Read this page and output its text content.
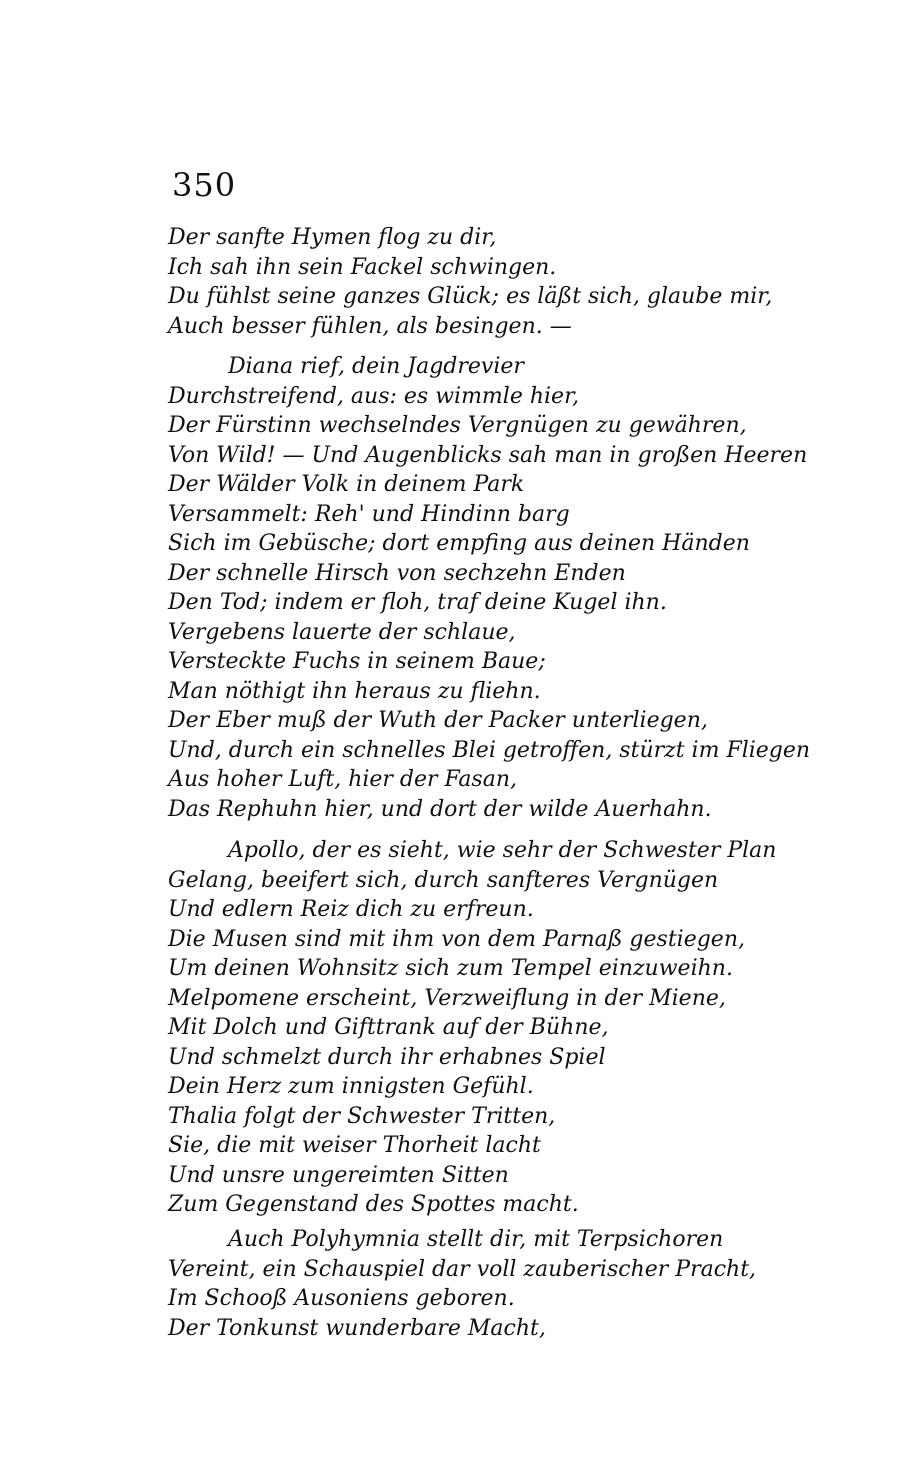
350
Der sanfte Hymen flog zu dir,
Ich sah ihn sein Fackel schwingen.
Du fühlst seine ganzes Glück; es läßt sich, glaube mir,
Auch besser fühlen, als besingen. —
Diana rief, dein Jagdrevier
Durchstreifend, aus: es wimmle hier,
Der Fürstinn wechselndes Vergnügen zu gewähren,
Von Wild! — Und Augenblicks sah man in großen Heeren
Der Wälder Volk in deinem Park
Versammelt: Reh' und Hindinn barg
Sich im Gebüsche; dort empfing aus deinen Händen
Der schnelle Hirsch von sechzehn Enden
Den Tod; indem er floh, traf deine Kugel ihn.
Vergebens lauerte der schlaue,
Versteckte Fuchs in seinem Baue;
Man nöthigt ihn heraus zu fliehn.
Der Eber muß der Wuth der Packer unterliegen,
Und, durch ein schnelles Blei getroffen, stürzt im Fliegen
Aus hoher Luft, hier der Fasan,
Das Rephuhn hier, und dort der wilde Auerhahn.
Apollo, der es sieht, wie sehr der Schwester Plan
Gelang, beeifert sich, durch sanfteres Vergnügen
Und edlern Reiz dich zu erfreun.
Die Musen sind mit ihm von dem Parnaß gestiegen,
Um deinen Wohnsitz sich zum Tempel einzuweihn.
Melpomene erscheint, Verzweiflung in der Miene,
Mit Dolch und Gifttrank auf der Bühne,
Und schmelzt durch ihr erhabnes Spiel
Dein Herz zum innigsten Gefühl.
Thalia folgt der Schwester Tritten,
Sie, die mit weiser Thorheit lacht
Und unsre ungereimten Sitten
Zum Gegenstand des Spottes macht.
Auch Polyhymnia stellt dir, mit Terpsichoren
Vereint, ein Schauspiel dar voll zauberischer Pracht,
Im Schooß Ausoniens geboren.
Der Tonkunst wunderbare Macht,
